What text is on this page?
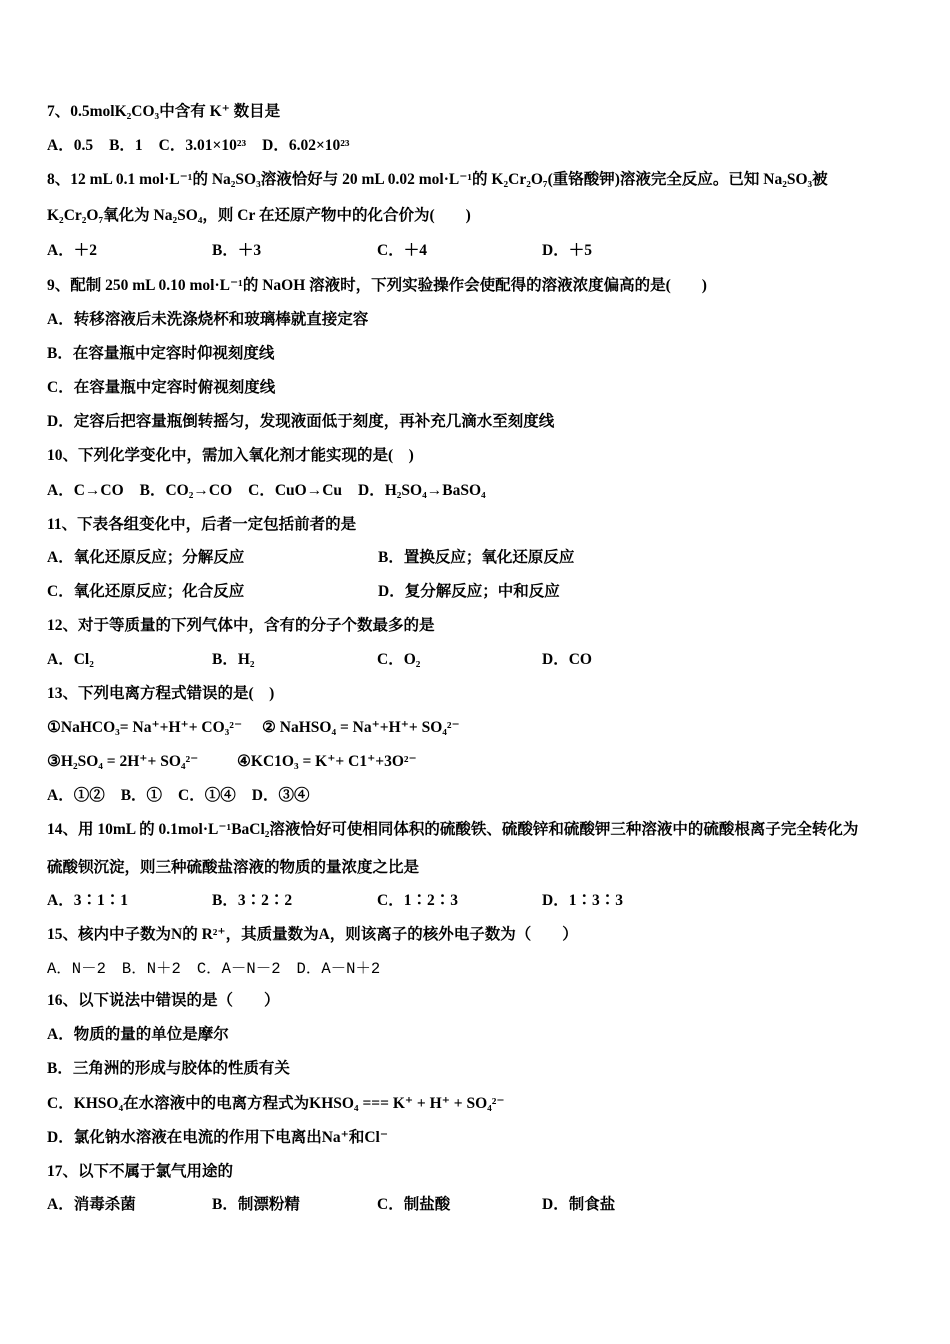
7、0.5molK₂CO₃中含有 K⁺ 数目是
A．0.5 B．1 C．3.01×10²³ D．6.02×10²³
8、12 mL 0.1 mol·L⁻¹的 Na₂SO₃溶液恰好与 20 mL 0.02 mol·L⁻¹的 K₂Cr₂O₇(重铬酸钾)溶液完全反应。已知 Na₂SO₃被
K₂Cr₂O₇氧化为 Na₂SO₄，则 Cr 在还原产物中的化合价为(　　)
A．＋2	B．＋3	C．＋4	D．＋5
9、配制 250 mL 0.10 mol·L⁻¹的 NaOH 溶液时，下列实验操作会使配得的溶液浓度偏高的是(　　)
A．转移溶液后未洗涤烧杯和玻璃棒就直接定容
B．在容量瓶中定容时仰视刻度线
C．在容量瓶中定容时俯视刻度线
D．定容后把容量瓶倒转摇匀，发现液面低于刻度，再补充几滴水至刻度线
10、下列化学变化中，需加入氧化剂才能实现的是(　)
A．C→CO B．CO₂→CO C．CuO→Cu D．H₂SO₄→BaSO₄
11、下表各组变化中，后者一定包括前者的是
A．氧化还原反应；分解反应	B．置换反应；氧化还原反应
C．氧化还原反应；化合反应	D．复分解反应；中和反应
12、对于等质量的下列气体中，含有的分子个数最多的是
A．Cl₂	B．H₂	C．O₂	D．CO
13、下列电离方程式错误的是(　)
①NaHCO₃= Na⁺+H⁺+ CO₃²⁻ ② NaHSO₄ = Na⁺+H⁺+ SO₄²⁻
③H₂SO₄ = 2H⁺+ SO₄²⁻ ④KC1O₃ = K⁺+ C1⁺+3O²⁻
A．①② B．① C．①④ D．③④
14、用 10mL 的 0.1mol·L⁻¹BaCl₂溶液恰好可使相同体积的硫酸铁、硫酸锌和硫酸钾三种溶液中的硫酸根离子完全转化为
硫酸钡沉淀，则三种硫酸盐溶液的物质的量浓度之比是
A．3∶1∶1	B．3∶2∶2	C．1∶2∶3	D．1∶3∶3
15、核内中子数为N的 R²⁺，其质量数为A，则该离子的核外电子数为（　　）
A．N－2 B．N＋2 C．A－N－2 D．A－N＋2
16、以下说法中错误的是（　　）
A．物质的量的单位是摩尔
B．三角洲的形成与胶体的性质有关
C．KHSO₄在水溶液中的电离方程式为KHSO₄ === K⁺ + H⁺ + SO₄²⁻
D．氯化钠水溶液在电流的作用下电离出Na⁺和Cl⁻
17、以下不属于氯气用途的
A．消毒杀菌	B．制漂粉精	C．制盐酸	D．制食盐
